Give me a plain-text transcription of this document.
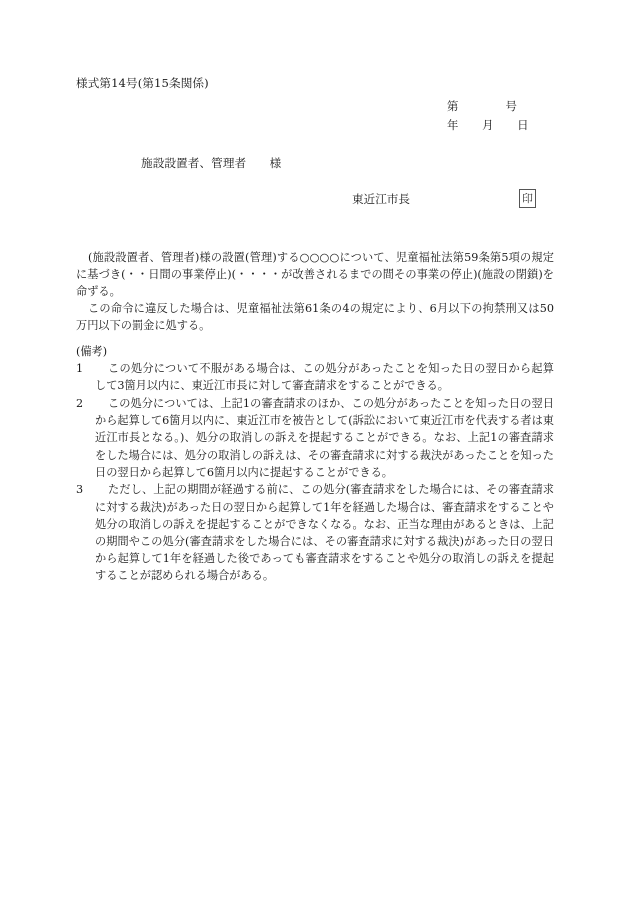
様式第14号(第15条関係)
第　　　　号
年　　月　　日
施設設置者、管理者　　様
東近江市長	印
(施設設置者、管理者)様の設置(管理)する○○○○について、児童福祉法第59条第5項の規定に基づき(・・日間の事業停止)(・・・・が改善されるまでの間その事業の停止)(施設の閉鎖)を命ずる。
この命令に違反した場合は、児童福祉法第61条の4の規定により、6月以下の拘禁刑又は50万円以下の罰金に処する。
(備考)
1	この処分について不服がある場合は、この処分があったことを知った日の翌日から起算して3箇月以内に、東近江市長に対して審査請求をすることができる。
2	この処分については、上記1の審査請求のほか、この処分があったことを知った日の翌日から起算して6箇月以内に、東近江市を被告として(訴訟において東近江市を代表する者は東近江市長となる。)、処分の取消しの訴えを提起することができる。なお、上記1の審査請求をした場合には、処分の取消しの訴えは、その審査請求に対する裁決があったことを知った日の翌日から起算して6箇月以内に提起することができる。
3	ただし、上記の期間が経過する前に、この処分(審査請求をした場合には、その審査請求に対する裁決)があった日の翌日から起算して1年を経過した場合は、審査請求をすることや処分の取消しの訴えを提起することができなくなる。なお、正当な理由があるときは、上記の期間やこの処分(審査請求をした場合には、その審査請求に対する裁決)があった日の翌日から起算して1年を経過した後であっても審査請求をすることや処分の取消しの訴えを提起することが認められる場合がある。
